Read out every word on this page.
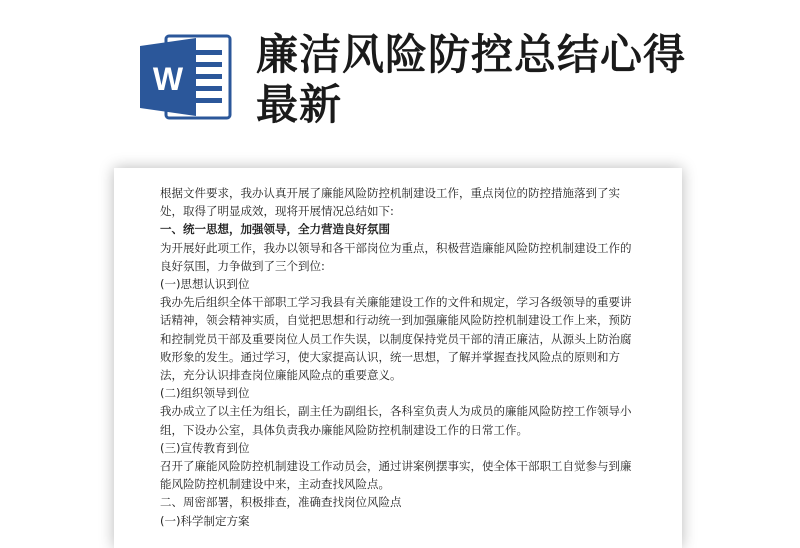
W 廉洁风险防控总结心得最新

根据文件要求，我办认真开展了廉能风险防控机制建设工作，重点岗位的防控措施落到了实处，取得了明显成效，现将开展情况总结如下:

一、统一思想，加强领导，全力营造良好氛围

为开展好此项工作，我办以领导和各干部岗位为重点，积极营造廉能风险防控机制建设工作的良好氛围，力争做到了三个到位:

(一)思想认识到位

我办先后组织全体干部职工学习我县有关廉能建设工作的文件和规定，学习各级领导的重要讲话精神，领会精神实质，自觉把思想和行动统一到加强廉能风险防控机制建设工作上来，预防和控制党员干部及重要岗位人员工作失误，以制度保持党员干部的清正廉洁，从源头上防治腐败形象的发生。通过学习，使大家提高认识，统一思想，了解并掌握查找风险点的原则和方法，充分认识排查岗位廉能风险点的重要意义。

(二)组织领导到位

我办成立了以主任为组长，副主任为副组长，各科室负责人为成员的廉能风险防控工作领导小组，下设办公室，具体负责我办廉能风险防控机制建设工作的日常工作。

(三)宣传教育到位

召开了廉能风险防控机制建设工作动员会，通过讲案例摆事实，使全体干部职工自觉参与到廉能风险防控机制建设中来，主动查找风险点。

二、周密部署，积极排查，准确查找岗位风险点

(一)科学制定方案
